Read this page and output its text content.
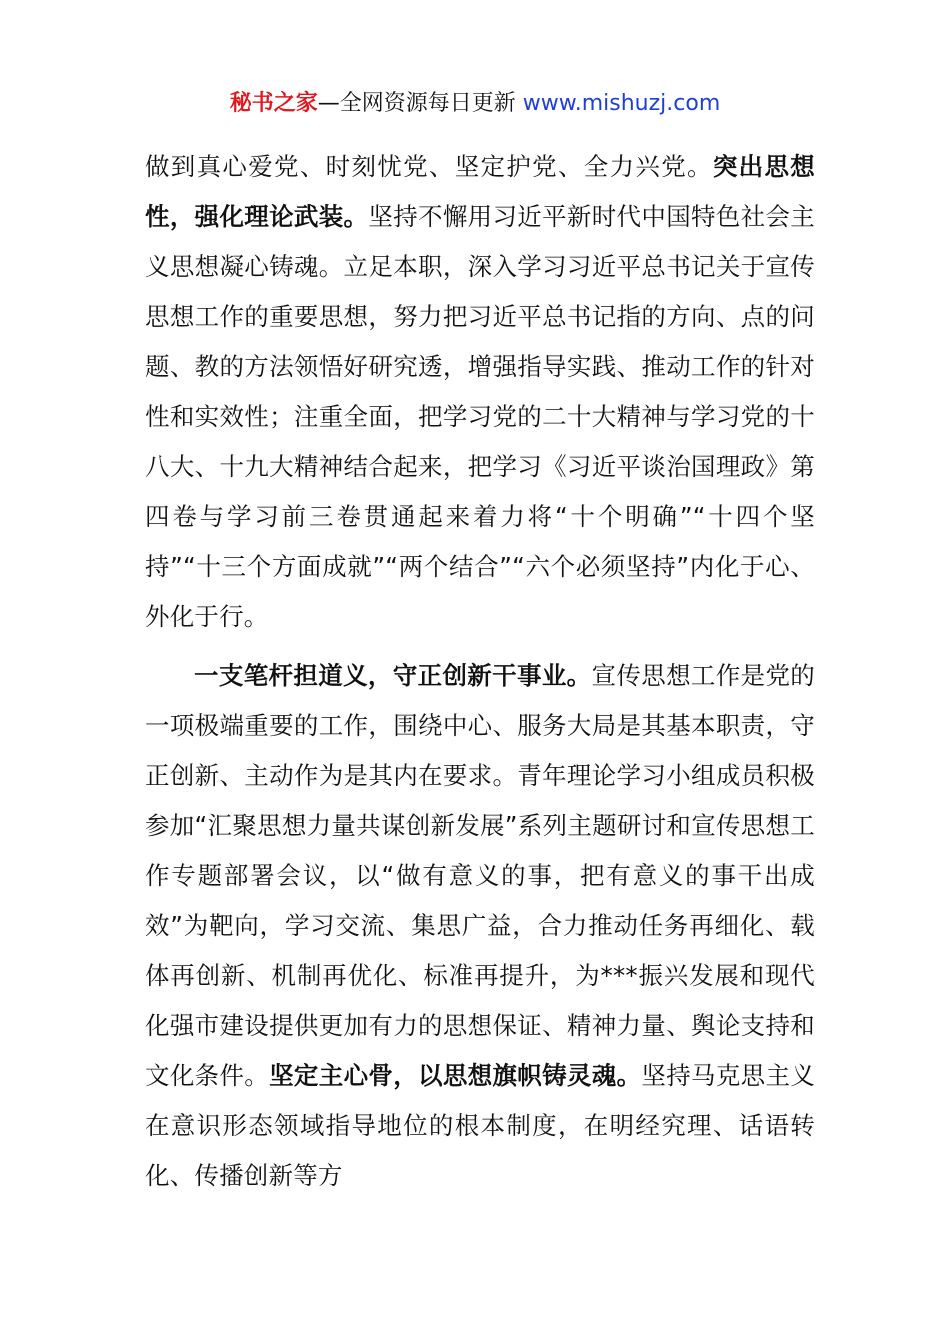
秘书之家—全网资源每日更新 www.mishuzj.com

做到真心爱党、时刻忧党、坚定护党、全力兴党。突出思想性，强化理论武装。坚持不懈用习近平新时代中国特色社会主义思想凝心铸魂。立足本职，深入学习习近平总书记关于宣传思想工作的重要思想，努力把习近平总书记指的方向、点的问题、教的方法领悟好研究透，增强指导实践、推动工作的针对性和实效性；注重全面，把学习党的二十大精神与学习党的十八大、十九大精神结合起来，把学习《习近平谈治国理政》第四卷与学习前三卷贯通起来着力将“十个明确”“十四个坚持”“十三个方面成就”“两个结合”“六个必须坚持”内化于心、外化于行。

一支笔杆担道义，守正创新干事业。宣传思想工作是党的一项极端重要的工作，围绕中心、服务大局是其基本职责，守正创新、主动作为是其内在要求。青年理论学习小组成员积极参加“汇聚思想力量共谋创新发展”系列主题研讨和宣传思想工作专题部署会议，以“做有意义的事，把有意义的事干出成效”为靶向，学习交流、集思广益，合力推动任务再细化、载体再创新、机制再优化、标准再提升，为***振兴发展和现代化强市建设提供更加有力的思想保证、精神力量、舆论支持和文化条件。坚定主心骨，以思想旗帜铸灵魂。坚持马克思主义在意识形态领域指导地位的根本制度，在明经究理、话语转化、传播创新等方
